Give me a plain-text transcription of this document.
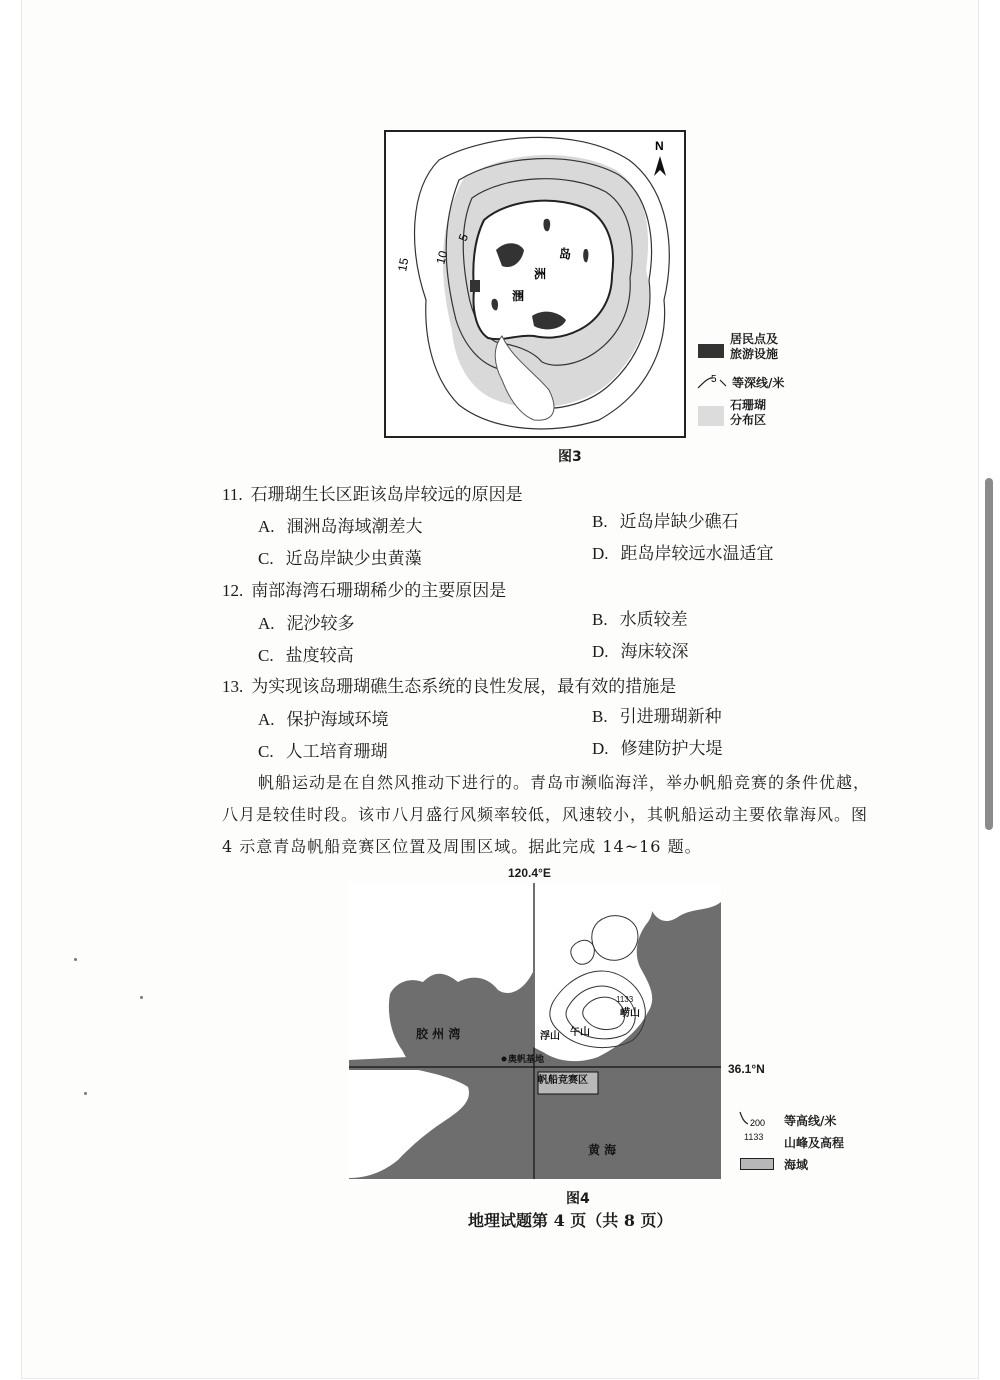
岛
洲
涠
15 10
5
N
居民点及
旅游设施
5 等深线/米
石珊瑚
分布区
图3
11. 石珊瑚生长区距该岛岸较远的原因是
A. 涠洲岛海域潮差大	B. 近岛岸缺少礁石
C. 近岛岸缺少虫黄藻	D. 距岛岸较远水温适宜
12. 南部海湾石珊瑚稀少的主要原因是
A. 泥沙较多	B. 水质较差
C. 盐度较高	D. 海床较深
13. 为实现该岛珊瑚礁生态系统的良性发展，最有效的措施是
A. 保护海域环境	B. 引进珊瑚新种
C. 人工培育珊瑚	D. 修建防护大堤
帆船运动是在自然风推动下进行的。青岛市濒临海洋，举办帆船竞赛的条件优越，
八月是较佳时段。该市八月盛行风频率较低，风速较小，其帆船运动主要依靠海风。图
4 示意青岛帆船竞赛区位置及周围区域。据此完成 14~16 题。
120.4°E
胶 州 湾
帆船竞赛区
奥帆基地
浮山 午山
崂山
1133
黄 海
36.1°N
200 等高线/米
1133 山峰及高程
海域
图4
地理试题第 4 页（共 8 页）
